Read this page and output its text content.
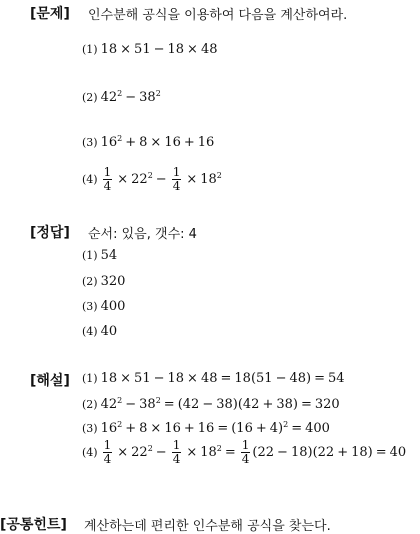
[문제] 인수분해 공식을 이용하여 다음을 계산하여라.
(1) 18 × 51 − 18 × 48
(2) $42^2 - 38^2$
(3) $16^2 + 8 \times 16 + 16$
$(4) \frac{1}{4} \times 22^2 - \frac{1}{4} \times 18^2$
[정답] 순서: 있음, 갯수: 4
(1) 54
(2) 320
(3) 400
(4) 40
[해설] (1) 18 × 51 − 18 × 48 = 18(51 − 48) = 54
(2) $42^2 - 38^2 = (42 - 38)(42 + 38) = 320$
(3) $16^2 + 8 \times 16 + 16 = (16 + 4)^2 = 400$
$(4) \frac{1}{4} \times 22^2 - \frac{1}{4} \times 18^2 = \frac{1}{4} (22 - 18)(22 + 18) = 40$
[공통힌트] 계산하는데 편리한 인수분해 공식을 찾는다.
